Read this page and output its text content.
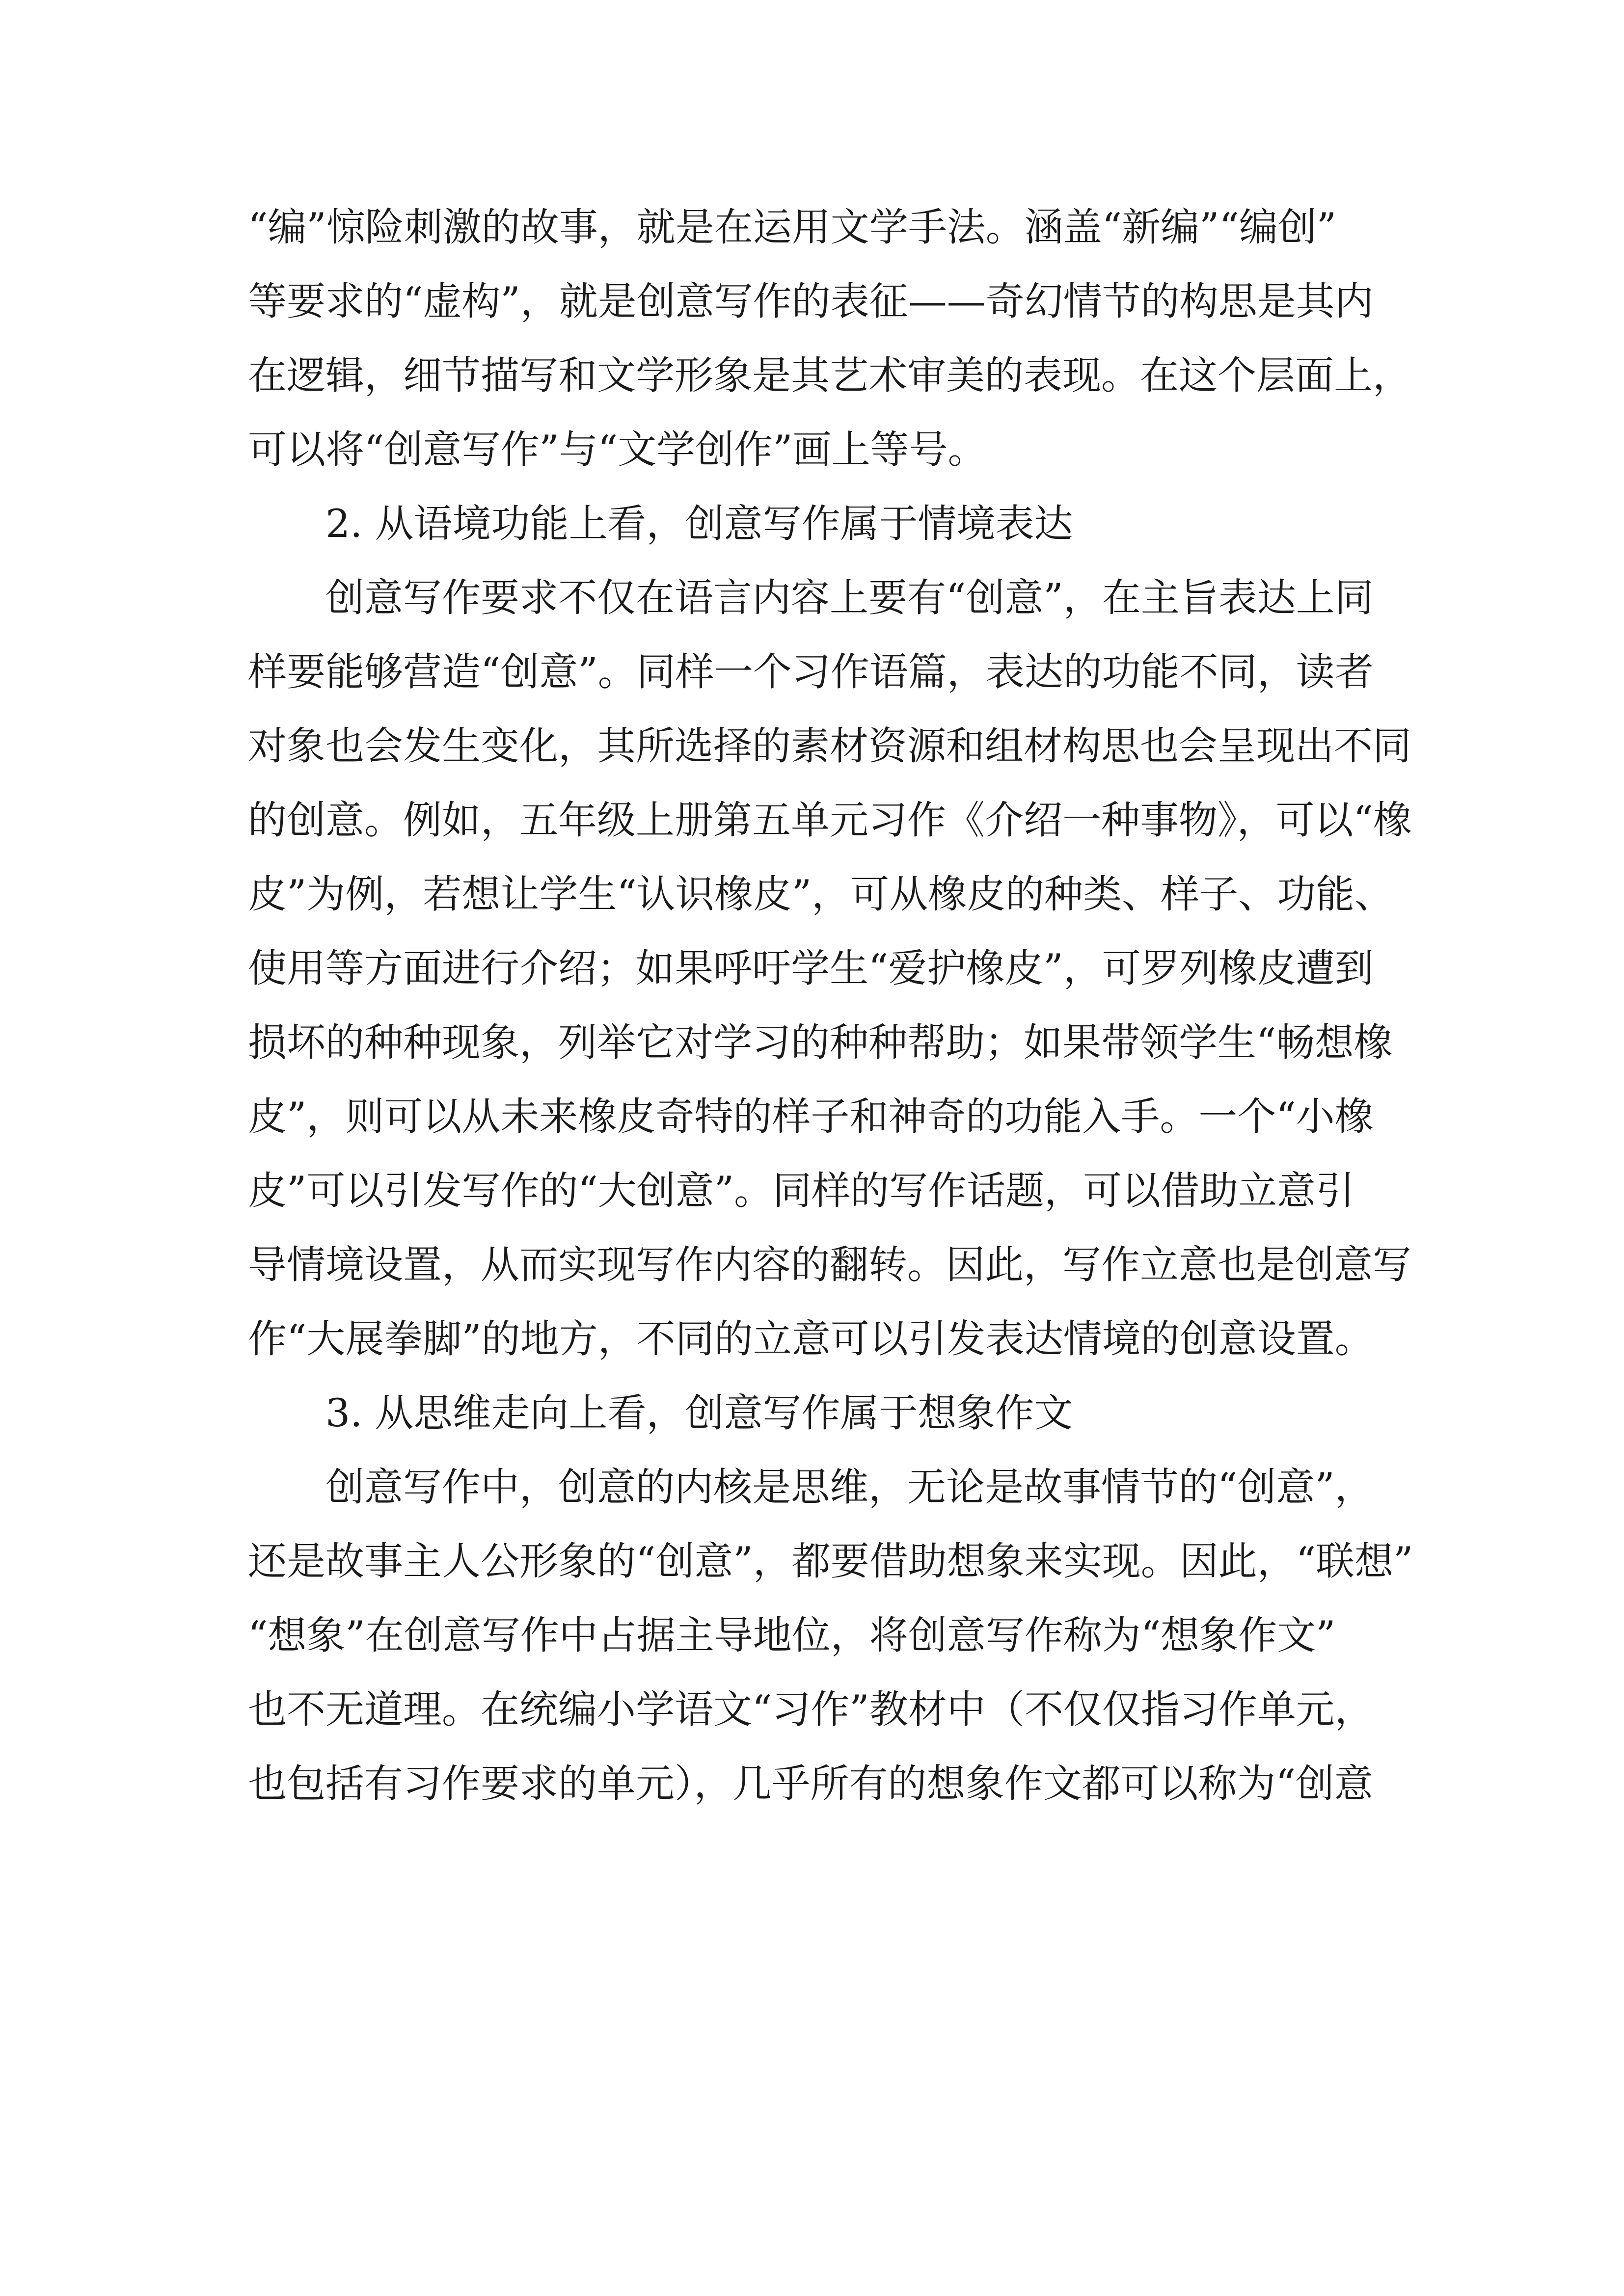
“编”惊险刺激的故事，就是在运用文学手法。涵盖“新编”“编创”
等要求的“虚构”，就是创意写作的表征——奇幻情节的构思是其内
在逻辑，细节描写和文学形象是其艺术审美的表现。在这个层面上，
可以将“创意写作”与“文学创作”画上等号。
2. 从语境功能上看，创意写作属于情境表达
创意写作要求不仅在语言内容上要有“创意”，在主旨表达上同
样要能够营造“创意”。同样一个习作语篇，表达的功能不同，读者
对象也会发生变化，其所选择的素材资源和组材构思也会呈现出不同
的创意。例如，五年级上册第五单元习作《介绍一种事物》，可以“橡
皮”为例，若想让学生“认识橡皮”，可从橡皮的种类、样子、功能、
使用等方面进行介绍；如果呼吁学生“爱护橡皮”，可罗列橡皮遭到
损坏的种种现象，列举它对学习的种种帮助；如果带领学生“畅想橡
皮”，则可以从未来橡皮奇特的样子和神奇的功能入手。一个“小橡
皮”可以引发写作的“大创意”。同样的写作话题，可以借助立意引
导情境设置，从而实现写作内容的翻转。因此，写作立意也是创意写
作“大展拳脚”的地方，不同的立意可以引发表达情境的创意设置。
3. 从思维走向上看，创意写作属于想象作文
创意写作中，创意的内核是思维，无论是故事情节的“创意”，
还是故事主人公形象的“创意”，都要借助想象来实现。因此，“联想”
“想象”在创意写作中占据主导地位，将创意写作称为“想象作文”
也不无道理。在统编小学语文“习作”教材中（不仅仅指习作单元，
也包括有习作要求的单元），几乎所有的想象作文都可以称为“创意
